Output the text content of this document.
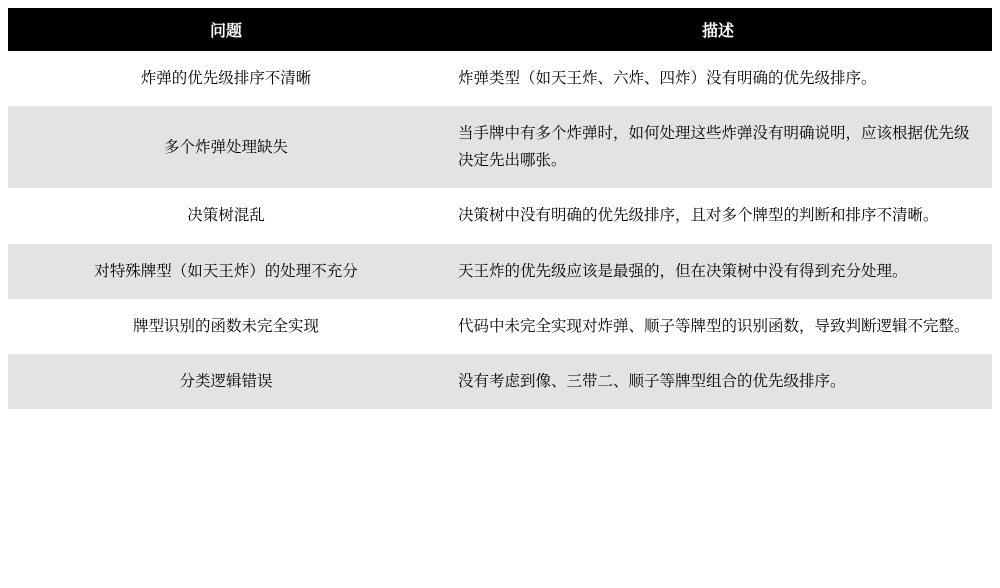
问题	描述
炸弹的优先级排序不清晰	炸弹类型（如天王炸、六炸、四炸）没有明确的优先级排序。
多个炸弹处理缺失	当手牌中有多个炸弹时，如何处理这些炸弹没有明确说明，应该根据优先级决定先出哪张。
决策树混乱	决策树中没有明确的优先级排序，且对多个牌型的判断和排序不清晰。
对特殊牌型（如天王炸）的处理不充分	天王炸的优先级应该是最强的，但在决策树中没有得到充分处理。
牌型识别的函数未完全实现	代码中未完全实现对炸弹、顺子等牌型的识别函数，导致判断逻辑不完整。
分类逻辑错误	没有考虑到像、三带二、顺子等牌型组合的优先级排序。
